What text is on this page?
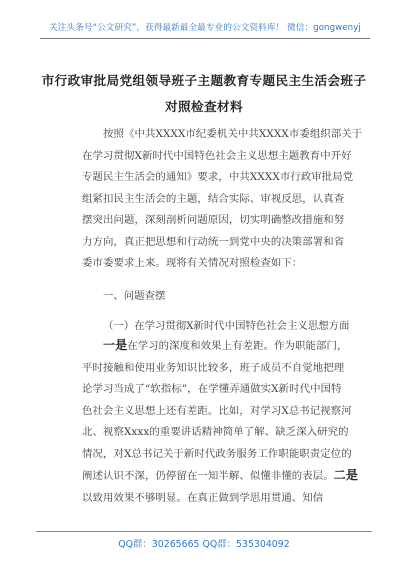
关注头条号“公文研究”，获得最新最全最专业的公文资料库！ 微信：gongwenyj
市行政审批局党组领导班子主题教育专题民主生活会班子
对照检查材料
按照《中共XXXX市纪委机关中共XXXX市委组织部关于
在学习贯彻X新时代中国特色社会主义思想主题教育中开好
专题民主生活会的通知》要求，中共XXXX市行政审批局党
组紧扣民主生活会的主题，结合实际、审视反思，认真查
摆突出问题，深刻剖析问题原因，切实明确整改措施和努
力方向，真正把思想和行动统一到党中央的决策部署和省
委市委要求上来。现将有关情况对照检查如下：
一、问题查摆
（一）在学习贯彻X新时代中国特色社会主义思想方面
一是在学习的深度和效果上有差距。作为职能部门，
平时接触和使用业务知识比较多，班子成员不自觉地把理
论学习当成了“软指标”，在学懂弄通做实X新时代中国特
色社会主义思想上还有差距。比如，对学习X总书记视察河
北、视察Xxxx的重要讲话精神简单了解、缺乏深入研究的
情况，对X总书记关于新时代政务服务工作职能职责定位的
阐述认识不深，仍停留在一知半解、似懂非懂的表层。二是
以致用效果不够明显。在真正做到学思用贯通、知信
QQ群：30265665 QQ群：535304092
